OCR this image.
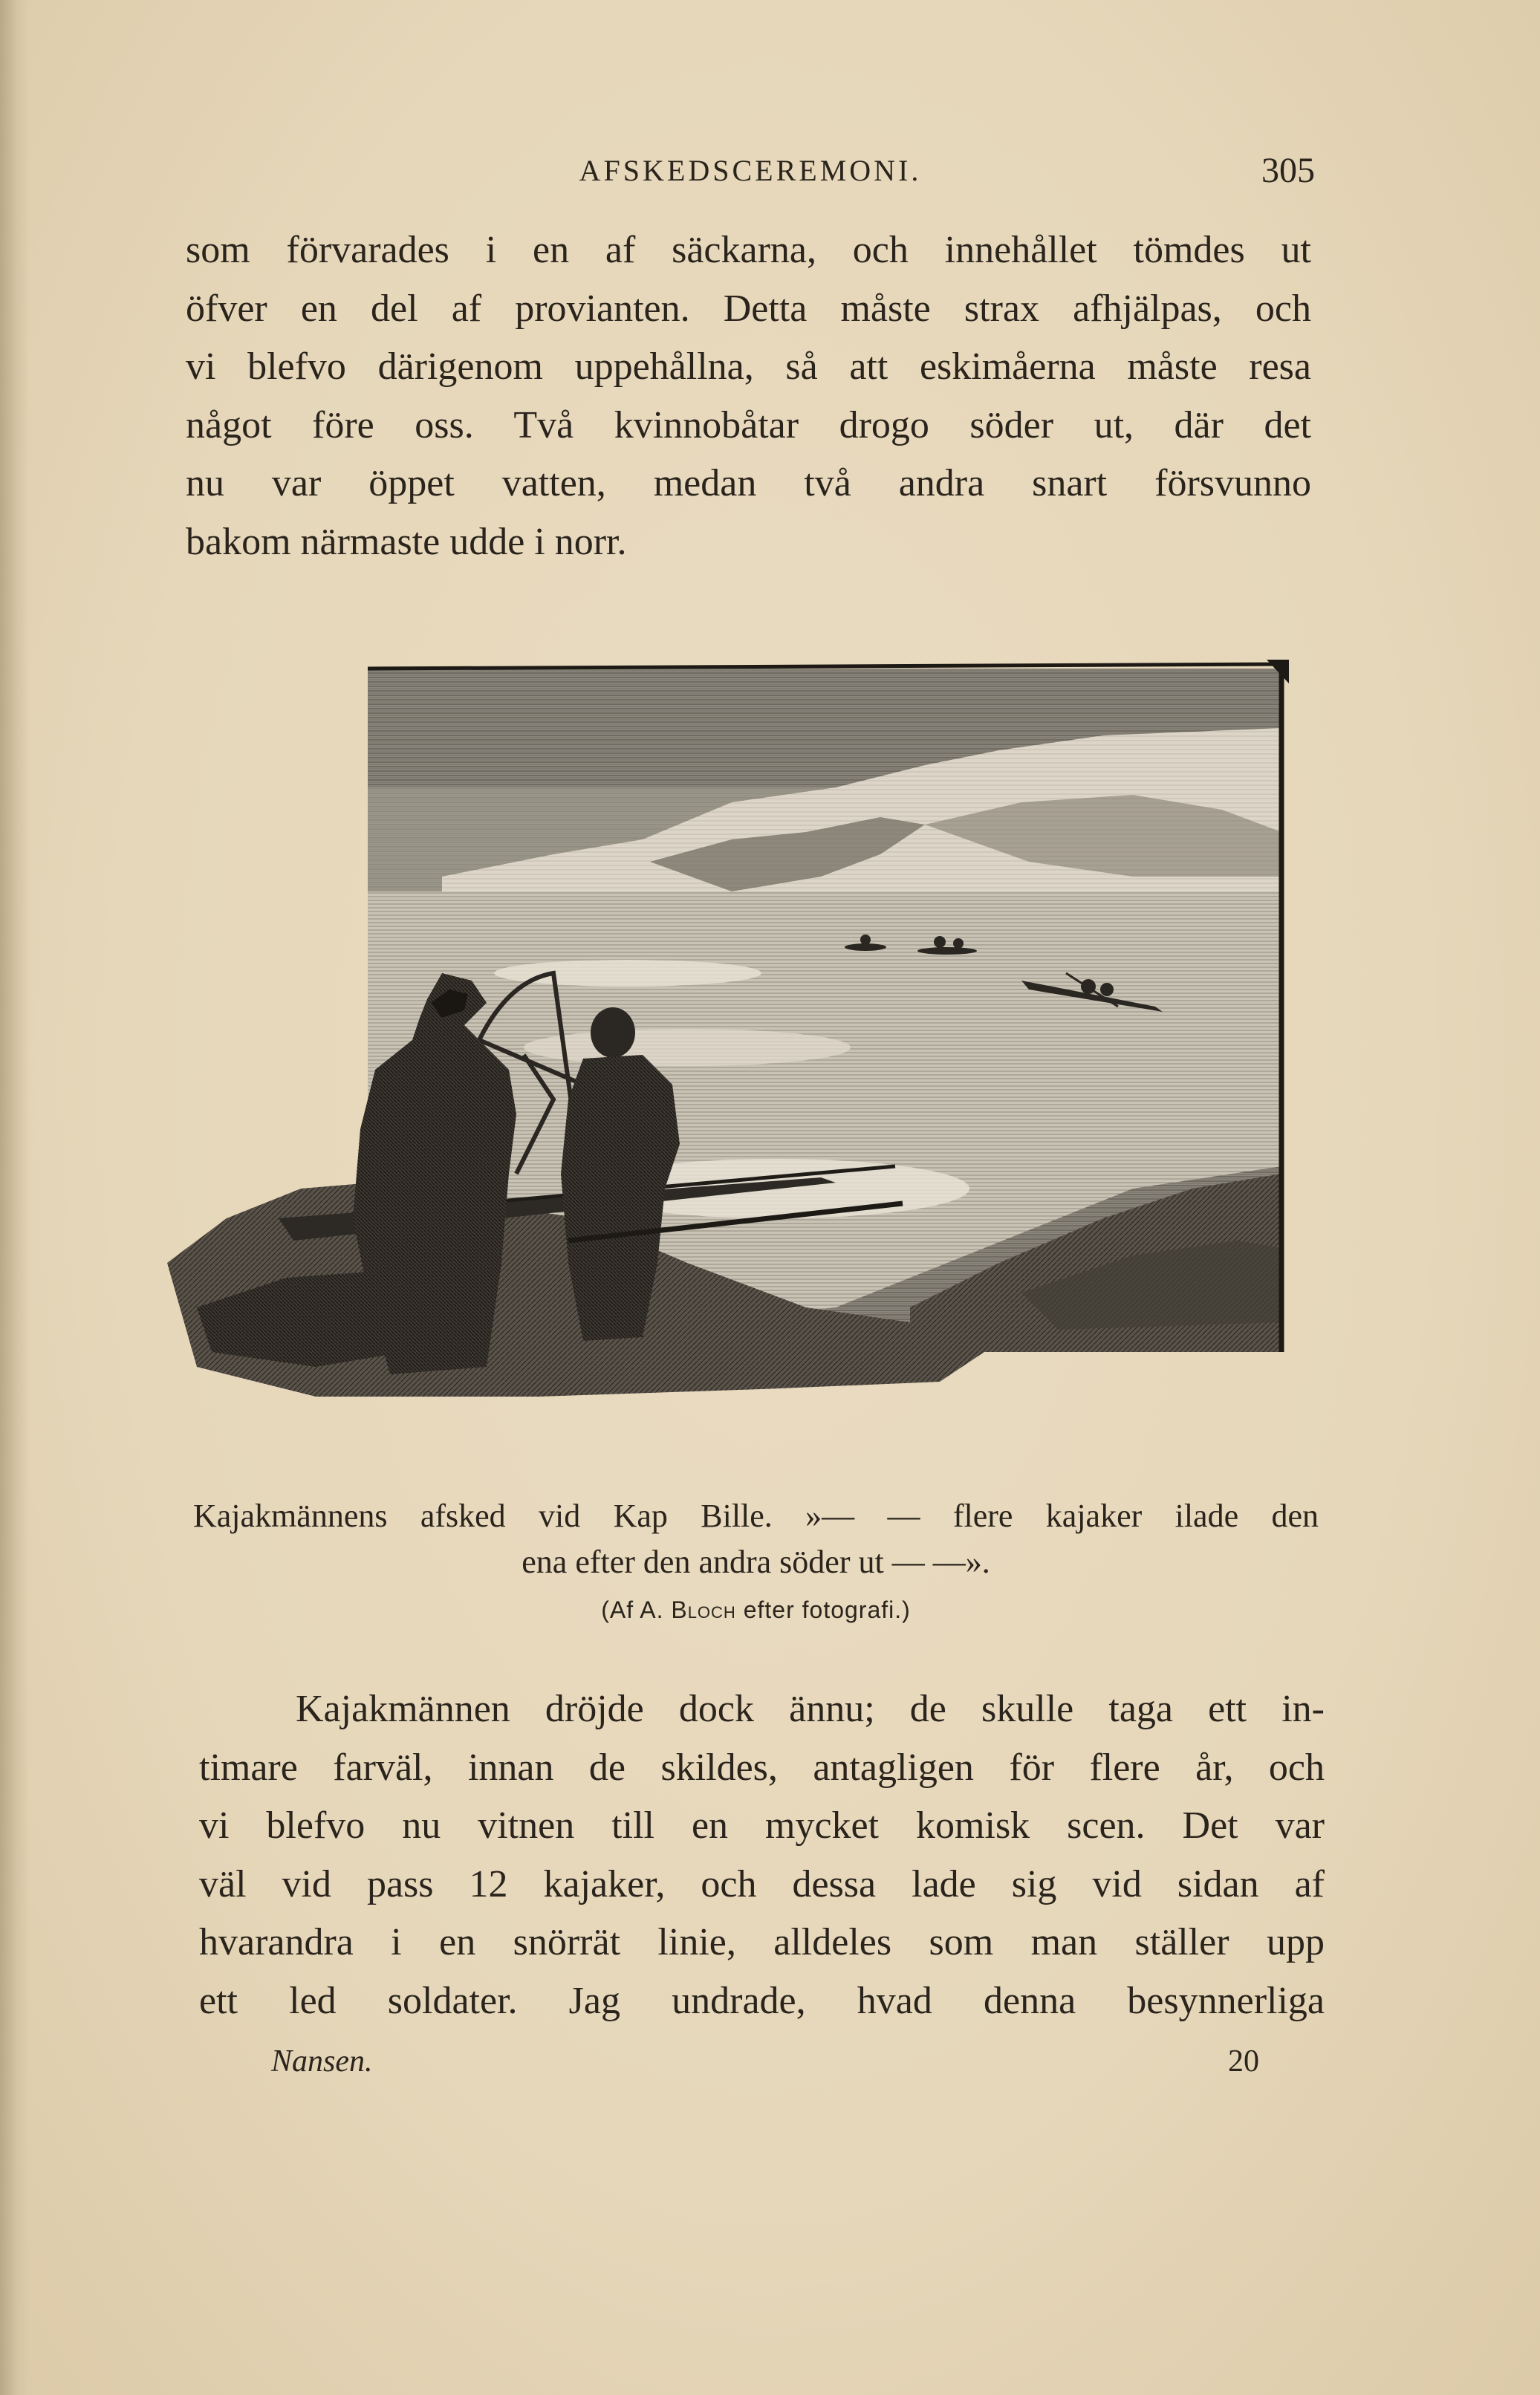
AFSKEDSCEREMONI.	305
som förvarades i en af säckarna, och innehållet tömdes ut
öfver en del af provianten. Detta måste strax afhjälpas, och
vi blefvo därigenom uppehållna, så att eskimåerna måste resa
något före oss. Två kvinnobåtar drogo söder ut, där det
nu var öppet vatten, medan två andra snart försvunno
bakom närmaste udde i norr.
Kajakmännens afsked vid Kap Bille. »— — flere kajaker ilade den
ena efter den andra söder ut — —».
(Af A. Bloch efter fotografi.)
Kajakmännen dröjde dock ännu; de skulle taga ett in-
timare farväl, innan de skildes, antagligen för flere år, och
vi blefvo nu vitnen till en mycket komisk scen. Det var
väl vid pass 12 kajaker, och dessa lade sig vid sidan af
hvarandra i en snörrät linie, alldeles som man ställer upp
ett led soldater. Jag undrade, hvad denna besynnerliga
Nansen.	20
